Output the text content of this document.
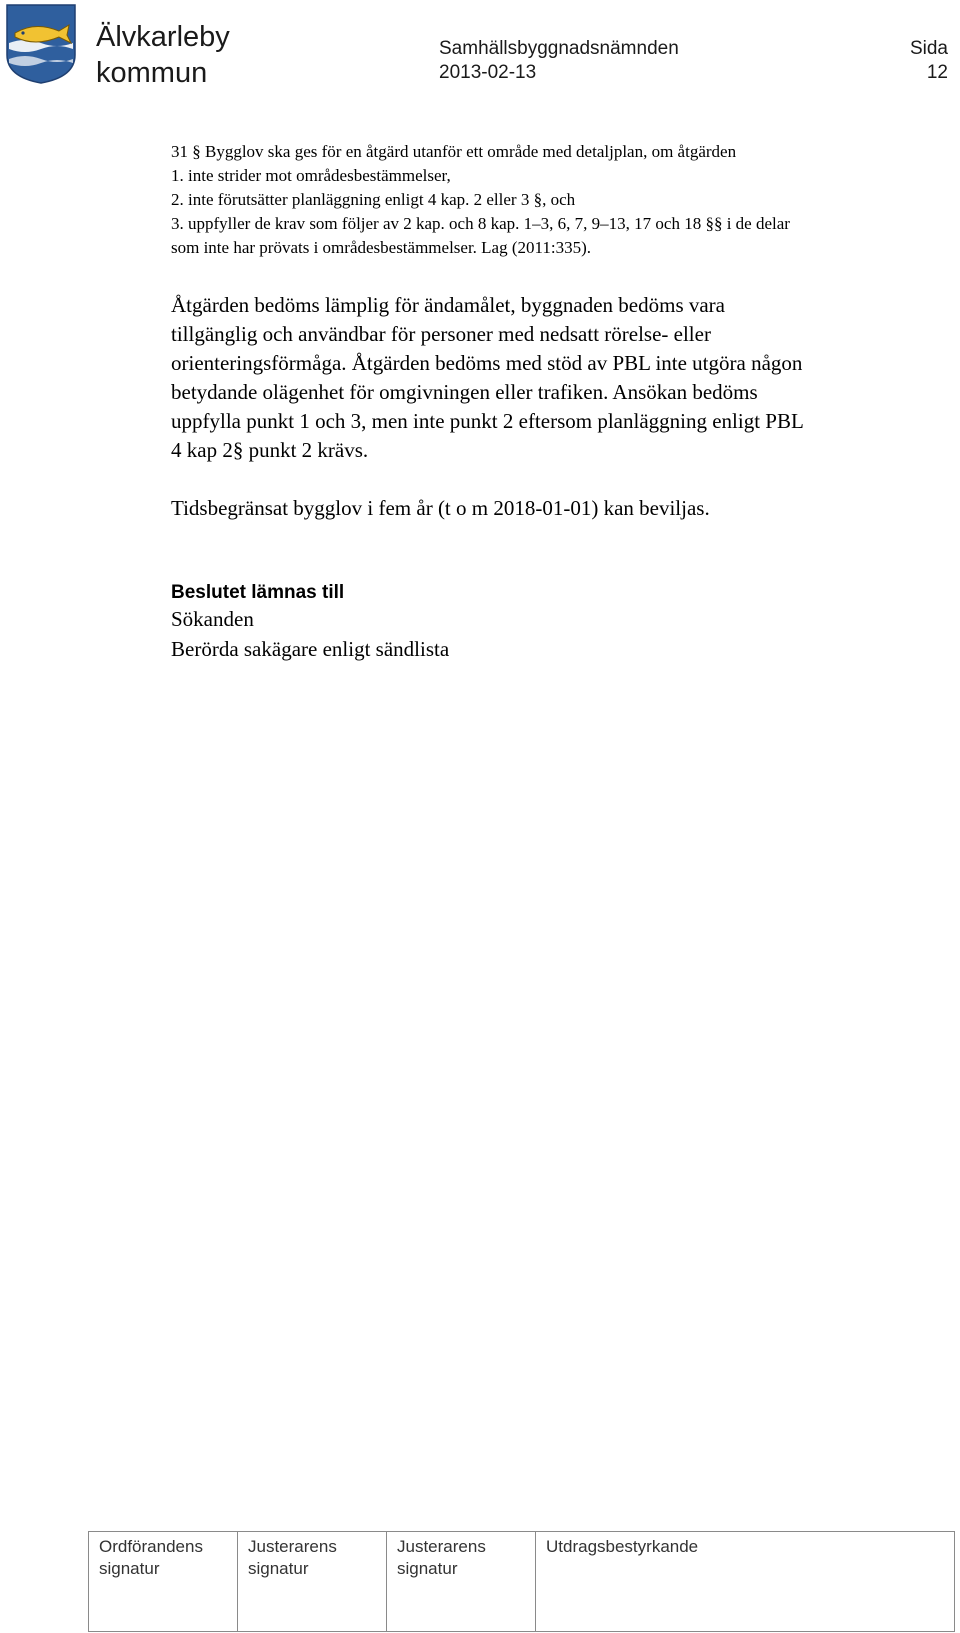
Älvkarleby
kommun
Samhällsbyggnadsnämnden
2013-02-13
Sida
12

31 § Bygglov ska ges för en åtgärd utanför ett område med detaljplan, om åtgärden

1. inte strider mot områdesbestämmelser,

2. inte förutsätter planläggning enligt 4 kap. 2 eller 3 §, och

3. uppfyller de krav som följer av 2 kap. och 8 kap. 1–3, 6, 7, 9–13, 17 och 18 §§ i de delar

som inte har prövats i områdesbestämmelser. Lag (2011:335).

Åtgärden bedöms lämplig för ändamålet, byggnaden bedöms vara

tillgänglig och användbar för personer med nedsatt rörelse- eller

orienteringsförmåga. Åtgärden bedöms med stöd av PBL inte utgöra någon

betydande olägenhet för omgivningen eller trafiken. Ansökan bedöms

uppfylla punkt 1 och 3, men inte punkt 2 eftersom planläggning enligt PBL

4 kap 2§ punkt 2 krävs.

Tidsbegränsat bygglov i fem år (t o m 2018-01-01) kan beviljas.

Beslutet lämnas till
Sökanden
Berörda sakägare enligt sändlista
Ordförandens
signatur

Justerarens
signatur

Justerarens
signatur

Utdragsbestyrkande
